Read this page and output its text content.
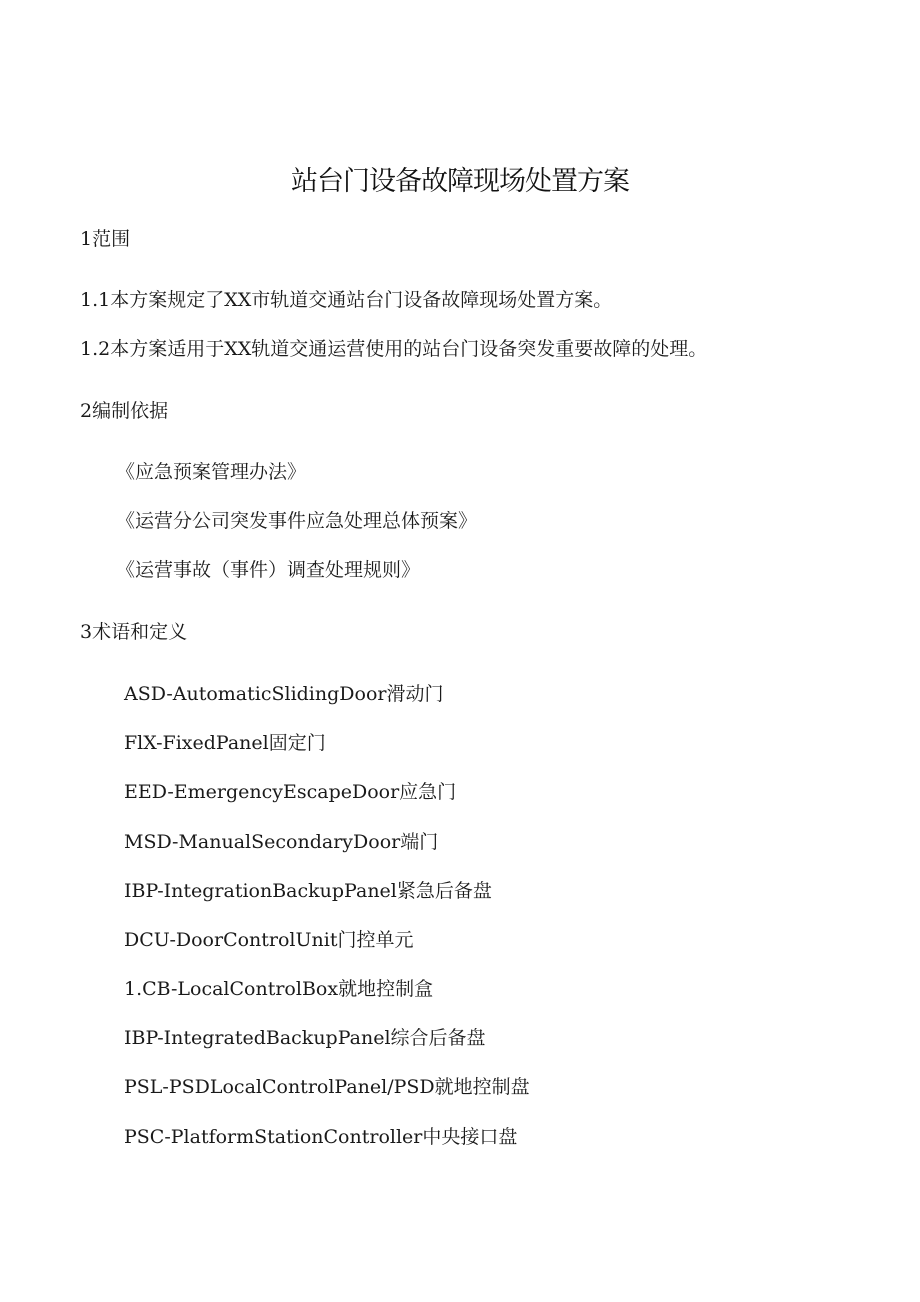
站台门设备故障现场处置方案
1范围
1.1本方案规定了XX市轨道交通站台门设备故障现场处置方案。
1.2本方案适用于XX轨道交通运营使用的站台门设备突发重要故障的处理。
2编制依据
《应急预案管理办法》
《运营分公司突发事件应急处理总体预案》
《运营事故（事件）调查处理规则》
3术语和定义
ASD-AutomaticSlidingDoor滑动门
FlX-FixedPanel固定门
EED-EmergencyEscapeDoor应急门
MSD-ManualSecondaryDoor端门
IBP-IntegrationBackupPanel紧急后备盘
DCU-DoorControlUnit门控单元
1.CB-LocalControlBox就地控制盒
IBP-IntegratedBackupPanel综合后备盘
PSL-PSDLocalControlPanel/PSD就地控制盘
PSC-PlatformStationController中央接口盘
